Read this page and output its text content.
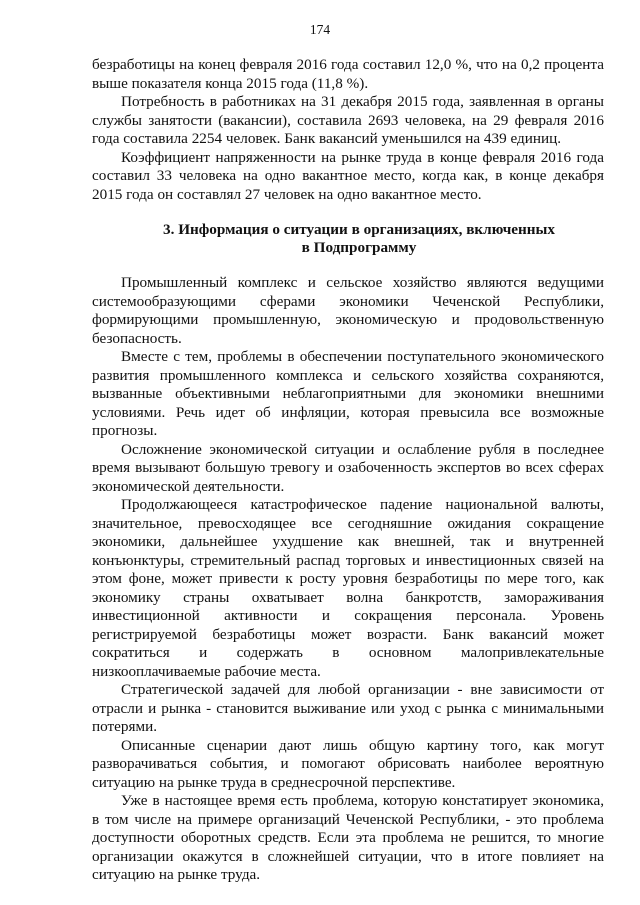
174

безработицы на конец февраля 2016 года составил 12,0 %, что на 0,2 процента выше показателя конца 2015 года (11,8 %).

Потребность в работниках на 31 декабря 2015 года, заявленная в органы службы занятости (вакансии), составила 2693 человека, на 29 февраля 2016 года составила 2254 человек. Банк вакансий уменьшился на 439 единиц.

Коэффициент напряженности на рынке труда в конце февраля 2016 года составил 33 человека на одно вакантное место, когда как, в конце декабря 2015 года он составлял 27 человек на одно вакантное место.

3. Информация о ситуации в организациях, включенных
в Подпрограмму

Промышленный комплекс и сельское хозяйство являются ведущими системообразующими сферами экономики Чеченской Республики, формирующими промышленную, экономическую и продовольственную безопасность.

Вместе с тем, проблемы в обеспечении поступательного экономического развития промышленного комплекса и сельского хозяйства сохраняются, вызванные объективными неблагоприятными для экономики внешними условиями. Речь идет об инфляции, которая превысила все возможные прогнозы.

Осложнение экономической ситуации и ослабление рубля в последнее время вызывают большую тревогу и озабоченность экспертов во всех сферах экономической деятельности.

Продолжающееся катастрофическое падение национальной валюты, значительное, превосходящее все сегодняшние ожидания сокращение экономики, дальнейшее ухудшение как внешней, так и внутренней конъюнктуры, стремительный распад торговых и инвестиционных связей на этом фоне, может привести к росту уровня безработицы по мере того, как экономику страны охватывает волна банкротств, замораживания инвестиционной активности и сокращения персонала. Уровень регистрируемой безработицы может возрасти. Банк вакансий может сократиться и содержать в основном малопривлекательные низкооплачиваемые рабочие места.

Стратегической задачей для любой организации - вне зависимости от отрасли и рынка - становится выживание или уход с рынка с минимальными потерями.

Описанные сценарии дают лишь общую картину того, как могут разворачиваться события, и помогают обрисовать наиболее вероятную ситуацию на рынке труда в среднесрочной перспективе.

Уже в настоящее время есть проблема, которую констатирует экономика, в том числе на примере организаций Чеченской Республики, - это проблема доступности оборотных средств. Если эта проблема не решится, то многие организации окажутся в сложнейшей ситуации, что в итоге повлияет на ситуацию на рынке труда.
